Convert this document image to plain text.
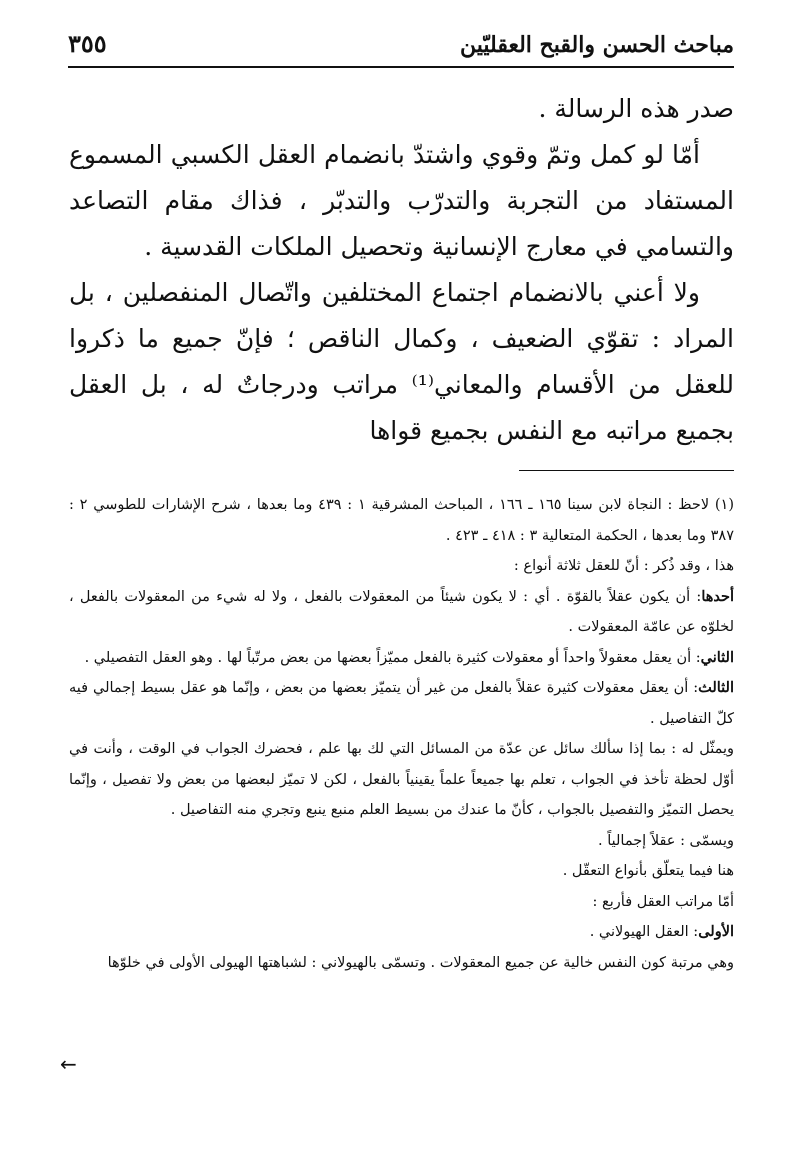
مباحث الحسن والقبح العقليّين
٣٥٥

صدر هذه الرسالة .

أمّا لو كمل وتمّ وقوي واشتدّ بانضمام العقل الكسبي المسموع المستفاد من التجربة والتدرّب والتدبّر ، فذاك مقام التصاعد والتسامي في معارج الإنسانية وتحصيل الملكات القدسية .

ولا أعني بالانضمام اجتماع المختلفين واتّصال المنفصلين ، بل المراد : تقوّي الضعيف ، وكمال الناقص ؛ فإنّ جميع ما ذكروا للعقل من الأقسام والمعاني⁽¹⁾ مراتب ودرجاتٌ له ، بل العقل بجميع مراتبه مع النفس بجميع قواها

(١) لاحظ : النجاة لابن سينا ١٦٥ ـ ١٦٦ ، المباحث المشرقية ١ : ٤٣٩ وما بعدها ، شرح الإشارات للطوسي ٢ : ٣٨٧ وما بعدها ، الحكمة المتعالية ٣ : ٤١٨ ـ ٤٢٣ .

هذا ، وقد ذُكر : أنّ للعقل ثلاثة أنواع :

أحدها: أن يكون عقلاً بالقوّة . أي : لا يكون شيئاً من المعقولات بالفعل ، ولا له شيء من المعقولات بالفعل ، لخلوّه عن عامّة المعقولات .

الثاني: أن يعقل معقولاً واحداً أو معقولات كثيرة بالفعل مميّزاً بعضها من بعض مرتّباً لها . وهو العقل التفصيلي .

الثالث: أن يعقل معقولات كثيرة عقلاً بالفعل من غير أن يتميّز بعضها من بعض ، وإنّما هو عقل بسيط إجمالي فيه كلّ التفاصيل .

ويمثّل له : بما إذا سألك سائل عن عدّة من المسائل التي لك بها علم ، فحضرك الجواب في الوقت ، وأنت في أوّل لحظة تأخذ في الجواب ، تعلم بها جميعاً علماً يقينياً بالفعل ، لكن لا تميّز لبعضها من بعض ولا تفصيل ، وإنّما يحصل التميّز والتفصيل بالجواب ، كأنّ ما عندك من بسيط العلم منبع ينبع وتجري منه التفاصيل .

ويسمّى : عقلاً إجمالياً .

هنا فيما يتعلّق بأنواع التعقّل .

أمّا مراتب العقل فأربع :

الأولى: العقل الهيولاني .

وهي مرتبة كون النفس خالية عن جميع المعقولات . وتسمّى بالهيولاني : لشباهتها الهيولى الأولى في خلوّها

←
